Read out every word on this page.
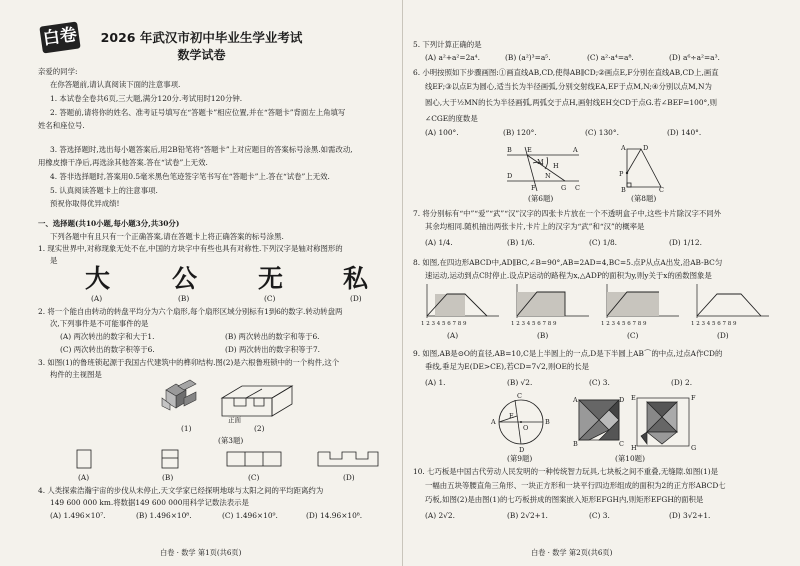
白卷	2026 年武汉市初中毕业生学业考试
数学试卷
亲爱的同学:
在你答题前,请认真阅读下面的注意事项.
1. 本试卷全卷共6页,三大题,满分120分.考试用时120分钟.
2. 答题前,请将你的姓名、准考证号填写在“答题卡”相应位置,并在“答题卡”背面左上角填写
姓名和座位号.
3. 答选择题时,选出每小题答案后,用2B铅笔将“答题卡”上对应题目的答案标号涂黑.如需改动,
用橡皮擦干净后,再选涂其他答案.答在“试卷”上无效.
4. 答非选择题时,答案用0.5毫米黑色笔迹签字笔书写在“答题卡”上.答在“试卷”上无效.
5. 认真阅读答题卡上的注意事项.
预祝你取得优异成绩!
一、选择题(共10小题,每小题3分,共30分)
下列各题中有且只有一个正确答案,请在答题卡上将正确答案的标号涂黑.
1. 现实世界中,对称现象无处不在,中国的方块字中有些也具有对称性.下列汉字是轴对称图形的
是
大 公 无 私
(A)	(B)	(C)	(D)
2. 将一个能自由转动的转盘平均分为六个扇形,每个扇形区域分别标有1到6的数字.转动转盘两
次,下列事件是不可能事件的是
(A) 两次转出的数字和大于1.	(B) 两次转出的数字和等于6.
(C) 两次转出的数字积等于6.	(D) 两次转出的数字积等于7.
3. 如图(1)的鲁班锁起源于我国古代建筑中的榫卯结构.图(2)是六根鲁班锁中的一个构件,这个
构件的主视图是
正面
(1)	(2)
(第3题)
(A)	(B)	(C)	(D)
4. 人类探索浩瀚宇宙的步伐从未停止,天文学家已经探明地球与太阳之间的平均距离约为
149 600 000 km.将数据149 600 000用科学记数法表示是
(A) 1.496×10⁷.	(B) 1.496×10⁸.	(C) 1.496×10⁹.	(D) 14.96×10⁸.
白卷 · 数学 第1页(共6页)
5. 下列计算正确的是
(A) a²+a²=2a⁴.	(B) (a²)³=a⁵.	(C) a²·a⁴=a⁸.	(D) a⁶÷a²=a³.
6. 小明按照如下步骤画图:①画直线AB,CD,使得AB∥CD;②画点E,F分别在直线AB,CD上,画直
线EF;③以点E为圆心,适当长为半径画弧,分别交射线EA,EF于点M,N;④分别以点M,N为
圆心,大于½MN的长为半径画弧,两弧交于点H,画射线EH交CD于点G.若∠BEF=100°,则
∠CGE的度数是
(A) 100°.	(B) 120°.	(C) 130°.	(D) 140°.
B E	A
M H
D
F	G C
N
(第6题)
A	D
P
B	C
(第8题)
7. 将分别标有“中”“爱”“武”“汉”汉字的四张卡片放在一个不透明盒子中,这些卡片除汉字不同外
其余均相同.随机抽出两张卡片,卡片上的汉字为“武”和“汉”的概率是
(A) 1/4.	(B) 1/6.	(C) 1/8.	(D) 1/12.
8. 如图,在四边形ABCD中,AD∥BC,∠B=90°,AB=2AD=4,BC=5.点P从点A出发,沿AB-BC匀
速运动,运动到点C时停止.设点P运动的路程为x,△ADP的面积为y,则y关于x的函数图象是
1 2 3 4 5 6 7 8 9	1 2 3 4 5 6 7 8 9	1 2 3 4 5 6 7 8 9	1 2 3 4 5 6 7 8 9
(A)	(B)	(C)	(D)
9. 如图,AB是⊙O的直径,AB=10,C是上半圆上的一点,D是下半圆上AB⌒的中点,过点A作CD的
垂线,垂足为E(DE>CE),若CD=7√2,则OE的长是
(A) 1.	(B) √2.	(C) 3.	(D) 2.
C
A
E
O
B
D
(第9题)
A	D
B	C
E	F
H	G
(第10题)
10. 七巧板是中国古代劳动人民发明的一种传统智力玩具,七块板之间不重叠,无缝隙.如图(1)是
一幅由五块等腰直角三角形、一块正方形和一块平行四边形组成的面积为2的正方形ABCD七
巧板,如图(2)是由图(1)的七巧板拼成的图案嵌入矩形EFGH内,则矩形EFGH的面积是
(A) 2√2.	(B) 2√2+1.	(C) 3.	(D) 3√2+1.
白卷 · 数学 第2页(共6页)
